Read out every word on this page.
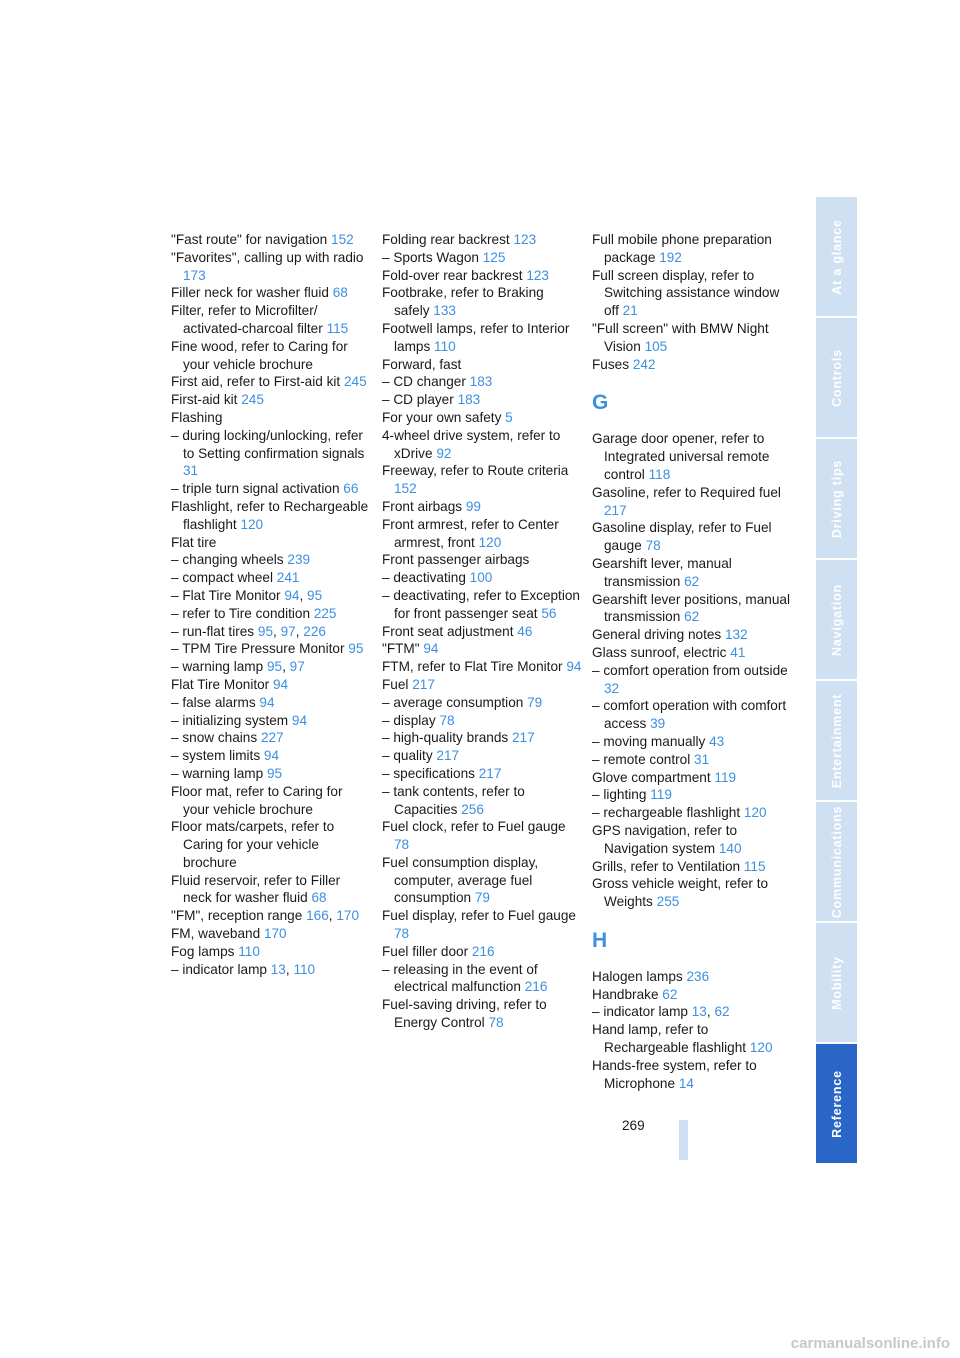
"Fast route" for navigation 152
"Favorites", calling up with radio 173
Filler neck for washer fluid 68
Filter, refer to Microfilter/ activated-charcoal filter 115
Fine wood, refer to Caring for your vehicle brochure
First aid, refer to First-aid kit 245
First-aid kit 245
Flashing
– during locking/unlocking, refer to Setting confirmation signals 31
– triple turn signal activation 66
Flashlight, refer to Rechargeable flashlight 120
Flat tire
– changing wheels 239
– compact wheel 241
– Flat Tire Monitor 94, 95
– refer to Tire condition 225
– run-flat tires 95, 97, 226
– TPM Tire Pressure Monitor 95
– warning lamp 95, 97
Flat Tire Monitor 94
– false alarms 94
– initializing system 94
– snow chains 227
– system limits 94
– warning lamp 95
Floor mat, refer to Caring for your vehicle brochure
Floor mats/carpets, refer to Caring for your vehicle brochure
Fluid reservoir, refer to Filler neck for washer fluid 68
"FM", reception range 166, 170
FM, waveband 170
Fog lamps 110
– indicator lamp 13, 110
Folding rear backrest 123
– Sports Wagon 125
Fold-over rear backrest 123
Footbrake, refer to Braking safely 133
Footwell lamps, refer to Interior lamps 110
Forward, fast
– CD changer 183
– CD player 183
For your own safety 5
4-wheel drive system, refer to xDrive 92
Freeway, refer to Route criteria 152
Front airbags 99
Front armrest, refer to Center armrest, front 120
Front passenger airbags
– deactivating 100
– deactivating, refer to Exception for front passenger seat 56
Front seat adjustment 46
"FTM" 94
FTM, refer to Flat Tire Monitor 94
Fuel 217
– average consumption 79
– display 78
– high-quality brands 217
– quality 217
– specifications 217
– tank contents, refer to Capacities 256
Fuel clock, refer to Fuel gauge 78
Fuel consumption display, computer, average fuel consumption 79
Fuel display, refer to Fuel gauge 78
Fuel filler door 216
– releasing in the event of electrical malfunction 216
Fuel-saving driving, refer to Energy Control 78
Full mobile phone preparation package 192
Full screen display, refer to Switching assistance window off 21
"Full screen" with BMW Night Vision 105
Fuses 242
G
Garage door opener, refer to Integrated universal remote control 118
Gasoline, refer to Required fuel 217
Gasoline display, refer to Fuel gauge 78
Gearshift lever, manual transmission 62
Gearshift lever positions, manual transmission 62
General driving notes 132
Glass sunroof, electric 41
– comfort operation from outside 32
– comfort operation with comfort access 39
– moving manually 43
– remote control 31
Glove compartment 119
– lighting 119
– rechargeable flashlight 120
GPS navigation, refer to Navigation system 140
Grills, refer to Ventilation 115
Gross vehicle weight, refer to Weights 255
H
Halogen lamps 236
Handbrake 62
– indicator lamp 13, 62
Hand lamp, refer to Rechargeable flashlight 120
Hands-free system, refer to Microphone 14
At a glance
Controls
Driving tips
Navigation
Entertainment
Communications
Mobility
Reference
269
carmanualsonline.info
